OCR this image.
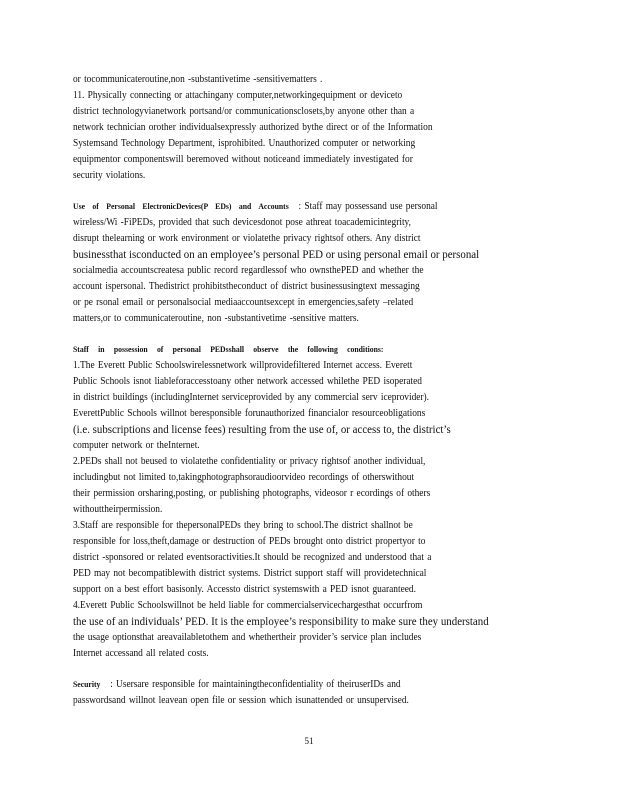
or tocommunicateroutine,non -substantivetime -sensitivematters .
11. Physically connecting or attachingany computer,networkingequipment or deviceto
district technologyvianetwork portsand/or communicationsclosets,by anyone other than a
network technician orother individualsexpressly authorized bythe direct or of the Information
Systemsand Technology Department, isprohibited. Unauthorized computer or networking
equipmentor componentswill beremoved without noticeand immediately investigated for
security violations.
Use of Personal ElectronicDevices(P EDs) and Accounts : Staff may possessand use personal
wireless/Wi -FiPEDs, provided that such devicesdonot pose athreat toacademicintegrity,
disrupt thelearning or work environment or violatethe privacy rightsof others. Any district
businessthat isconducted on an employee’s personal PED or using personal email or personal
socialmedia accountscreatesa public record regardlessof who ownsthePED and whether the
account ispersonal. Thedistrict prohibitstheconduct of district businessusingtext messaging
or pe rsonal email or personalsocial mediaaccountsexcept in emergencies,safety –related
matters,or to communicateroutine, non -substantivetime -sensitive matters.
Staff in possession of personal PEDsshall observe the following conditions:
1.The Everett Public Schoolswirelessnetwork willprovidefiltered Internet access. Everett
Public Schools isnot liableforaccesstoany other network accessed whilethe PED isoperated
in district buildings (includingInternet serviceprovided by any commercial serv iceprovider).
EverettPublic Schools willnot beresponsible forunauthorized financialor resourceobligations
(i.e. subscriptions and license fees) resulting from the use of, or access to, the district’s
computer network or theInternet.
2.PEDs shall not beused to violatethe confidentiality or privacy rightsof another individual,
includingbut not limited to,takingphotographsoraudioorvideo recordings of otherswithout
their permission orsharing,posting, or publishing photographs, videosor r ecordings of others
withouttheirpermission.
3.Staff are responsible for thepersonalPEDs they bring to school.The district shallnot be
responsible for loss,theft,damage or destruction of PEDs brought onto district propertyor to
district -sponsored or related eventsoractivities.It should be recognized and understood that a
PED may not becompatiblewith district systems. District support staff will providetechnical
support on a best effort basisonly. Accessto district systemswith a PED isnot guaranteed.
4.Everett Public Schoolswillnot be held liable for commercialservicechargesthat occurfrom
the use of an individuals’ PED. It is the employee’s responsibility to make sure they understand
the usage optionsthat areavailabletothem and whethertheir provider’s service plan includes
Internet accessand all related costs.
Security : Usersare responsible for maintainingtheconfidentiality of theiruserIDs and
passwordsand willnot leavean open file or session which isunattended or unsupervised.
51
